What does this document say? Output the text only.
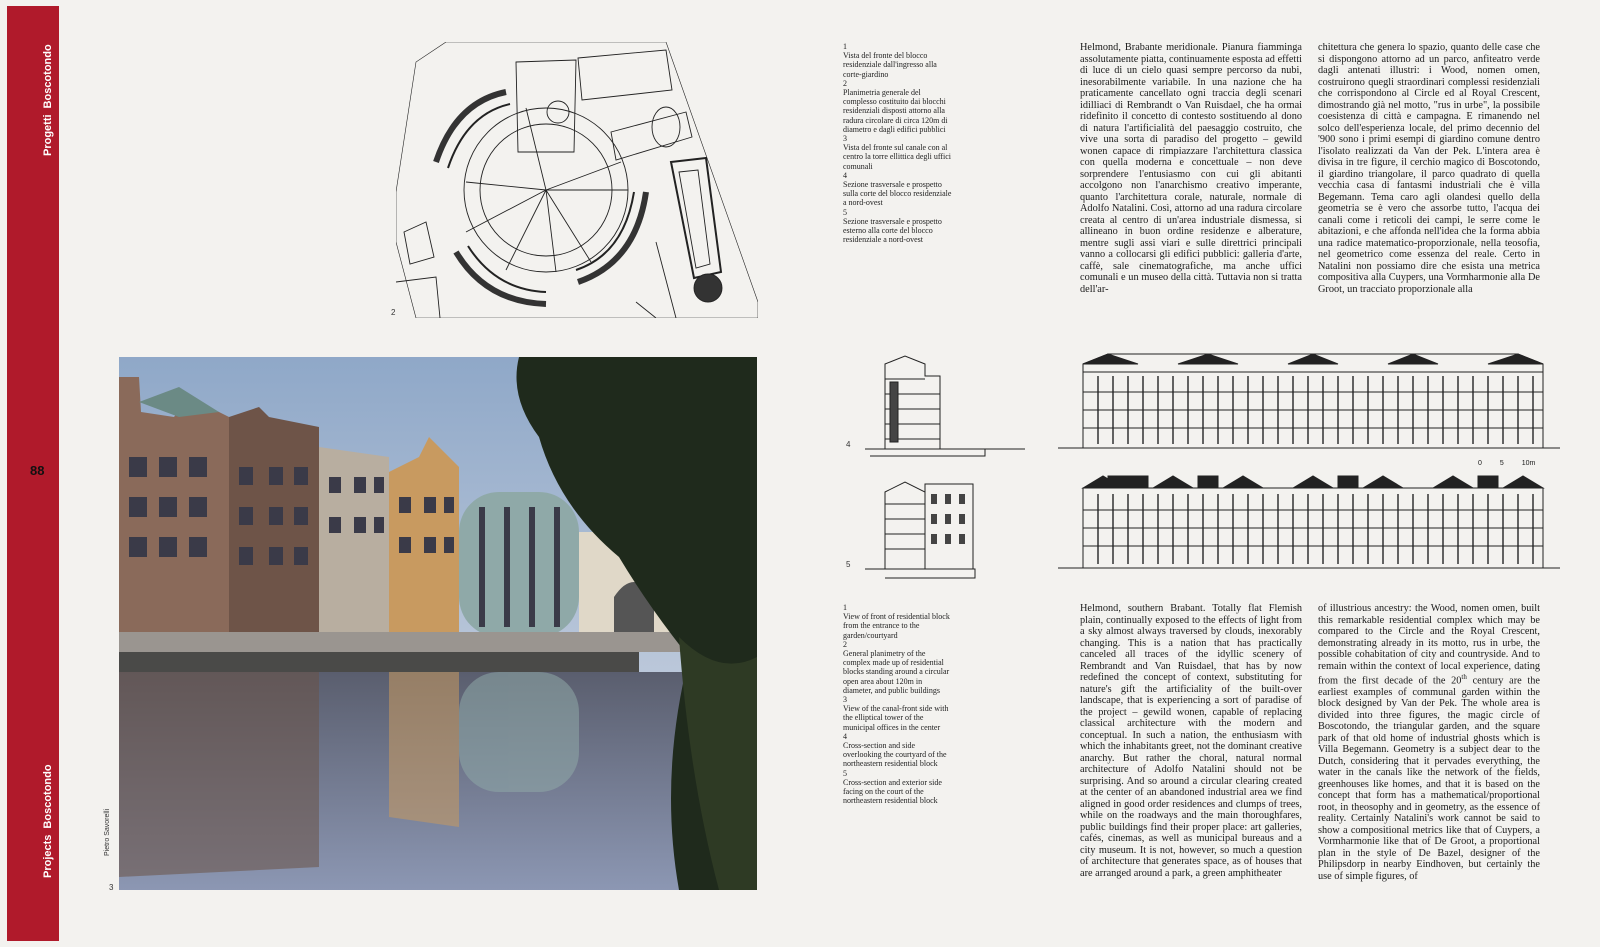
ProgettiBoscotondo
ProjectsBoscotondo
88
2
3
Pietro Savorelli

1

Vista del fronte del blocco residenziale dall'ingresso alla corte-giardino

2

Planimetria generale del complesso costituito dai blocchi residenziali disposti attorno alla radura circolare di circa 120m di diametro e dagli edifici pubblici

3

Vista del fronte sul canale con al centro la torre ellittica degli uffici comunali

4

Sezione trasversale e prospetto sulla corte del blocco residenziale a nord-ovest

5

Sezione trasversale e prospetto esterno alla corte del blocco residenziale a nord-ovest

1

View of front of residential block from the entrance to the garden/courtyard

2

General planimetry of the complex made up of residential blocks standing around a circular open area about 120m in diameter, and public buildings

3

View of the canal-front side with the elliptical tower of the municipal offices in the center

4

Cross-section and side overlooking the courtyard of the northeastern residential block

5

Cross-section and exterior side facing on the court of the northeastern residential block

Helmond, Brabante meridionale. Pianura fiamminga assolutamente piatta, continuamente esposta ad effetti di luce di un cielo quasi sempre percorso da nubi, inesorabilmente variabile. In una nazione che ha praticamente cancellato ogni traccia degli scenari idilliaci di Rembrandt o Van Ruisdael, che ha ormai ridefinito il concetto di contesto sostituendo al dono di natura l'artificialità del paesaggio costruito, che vive una sorta di paradiso del progetto – gewild wonen capace di rimpiazzare l'architettura classica con quella moderna e concettuale – non deve sorprendere l'entusiasmo con cui gli abitanti accolgono non l'anarchismo creativo imperante, quanto l'architettura corale, naturale, normale di Adolfo Natalini. Così, attorno ad una radura circolare creata al centro di un'area industriale dismessa, si allineano in buon ordine residenze e alberature, mentre sugli assi viari e sulle direttrici principali vanno a collocarsi gli edifici pubblici: galleria d'arte, caffè, sale cinematografiche, ma anche uffici comunali e un museo della città. Tuttavia non si tratta dell'ar-

chitettura che genera lo spazio, quanto delle case che si dispongono attorno ad un parco, anfiteatro verde dagli antenati illustri: i Wood, nomen omen, costruirono quegli straordinari complessi residenziali che corrispondono al Circle ed al Royal Crescent, dimostrando già nel motto, "rus in urbe", la possibile coesistenza di città e campagna. E rimanendo nel solco dell'esperienza locale, del primo decennio del '900 sono i primi esempi di giardino comune dentro l'isolato realizzati da Van der Pek. L'intera area è divisa in tre figure, il cerchio magico di Boscotondo, il giardino triangolare, il parco quadrato di quella vecchia casa di fantasmi industriali che è villa Begemann. Tema caro agli olandesi quello della geometria se è vero che assorbe tutto, l'acqua dei canali come i reticoli dei campi, le serre come le abitazioni, e che affonda nell'idea che la forma abbia una radice matematico-proporzionale, nella teosofia, nel geometrico come essenza del reale. Certo in Natalini non possiamo dire che esista una metrica compositiva alla Cuypers, una Vormharmonie alla De Groot, un tracciato proporzionale alla

4
5
0	5	10m

Helmond, southern Brabant. Totally flat Flemish plain, continually exposed to the effects of light from a sky almost always traversed by clouds, inexorably changing. This is a nation that has practically canceled all traces of the idyllic scenery of Rembrandt and Van Ruisdael, that has by now redefined the concept of context, substituting for nature's gift the artificiality of the built-over landscape, that is experiencing a sort of paradise of the project – gewild wonen, capable of replacing classical architecture with the modern and conceptual. In such a nation, the enthusiasm with which the inhabitants greet, not the dominant creative anarchy. But rather the choral, natural normal architecture of Adolfo Natalini should not be surprising. And so around a circular clearing created at the center of an abandoned industrial area we find aligned in good order residences and clumps of trees, while on the roadways and the main thoroughfares, public buildings find their proper place: art galleries, cafés, cinemas, as well as municipal bureaus and a city museum. It is not, however, so much a question of architecture that generates space, as of houses that are arranged around a park, a green amphitheater

of illustrious ancestry: the Wood, nomen omen, built this remarkable residential complex which may be compared to the Circle and the Royal Crescent, demonstrating already in its motto, rus in urbe, the possible cohabitation of city and countryside. And to remain within the context of local experience, dating from the first decade of the 20th century are the earliest examples of communal garden within the block designed by Van der Pek. The whole area is divided into three figures, the magic circle of Boscotondo, the triangular garden, and the square park of that old home of industrial ghosts which is Villa Begemann. Geometry is a subject dear to the Dutch, considering that it pervades everything, the water in the canals like the network of the fields, greenhouses like homes, and that it is based on the concept that form has a mathematical/proportional root, in theosophy and in geometry, as the essence of reality. Certainly Natalini's work cannot be said to show a compositional metrics like that of Cuypers, a Vormharmonie like that of De Groot, a proportional plan in the style of De Bazel, designer of the Philipsdorp in nearby Eindhoven, but certainly the use of simple figures, of
